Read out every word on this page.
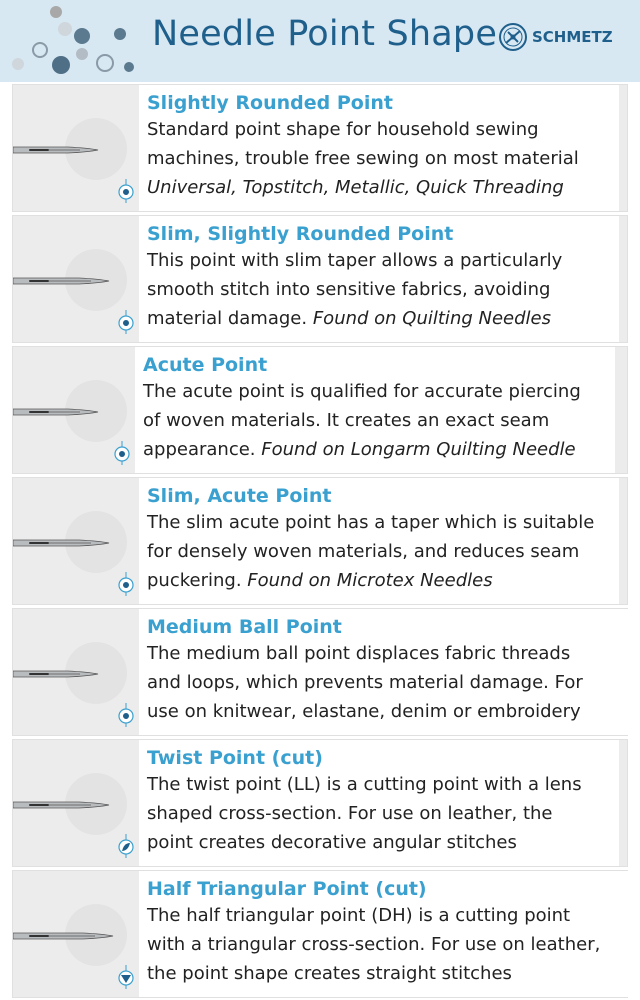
Needle Point Shape SCHMETZ
Slightly Rounded Point
Standard point shape for household sewing
machines, trouble free sewing on most material
Universal, Topstitch, Metallic, Quick Threading
Slim, Slightly Rounded Point
This point with slim taper allows a particularly
smooth stitch into sensitive fabrics, avoiding
material damage. Found on Quilting Needles
Acute Point
The acute point is qualified for accurate piercing
of woven materials. It creates an exact seam
appearance. Found on Longarm Quilting Needle
Slim, Acute Point
The slim acute point has a taper which is suitable
for densely woven materials, and reduces seam
puckering. Found on Microtex Needles
Medium Ball Point
The medium ball point displaces fabric threads
and loops, which prevents material damage. For
use on knitwear, elastane, denim or embroidery
Twist Point (cut)
The twist point (LL) is a cutting point with a lens
shaped cross-section. For use on leather, the
point creates decorative angular stitches
Half Triangular Point (cut)
The half triangular point (DH) is a cutting point
with a triangular cross-section. For use on leather,
the point shape creates straight stitches
